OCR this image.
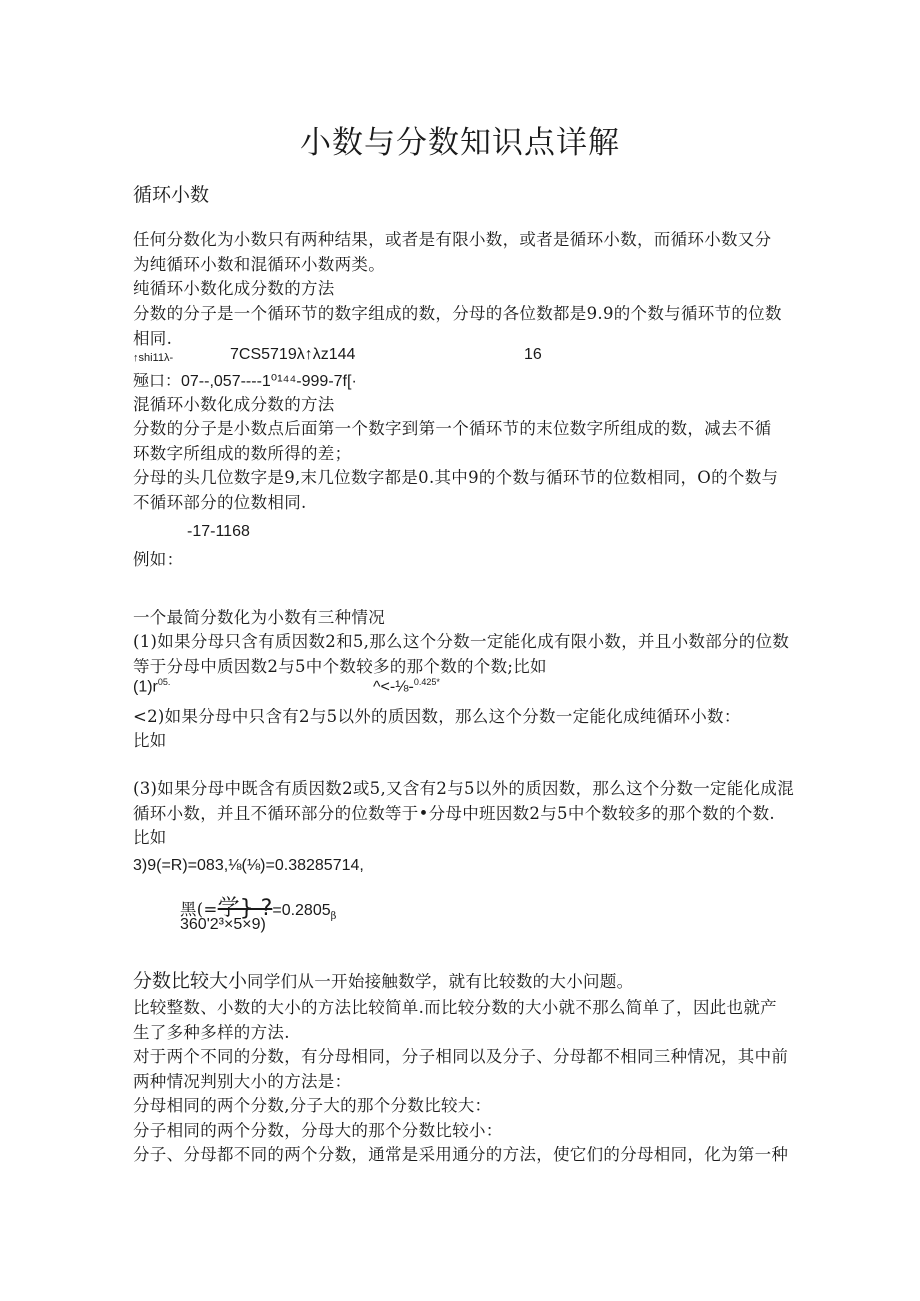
小数与分数知识点详解
循环小数
任何分数化为小数只有两种结果，或者是有限小数，或者是循环小数，而循环小数又分
为纯循环小数和混循环小数两类。
纯循环小数化成分数的方法
分数的分子是一个循环节的数字组成的数，分母的各位数都是9.9的个数与循环节的位数
相同.
↑shi11λ-	7CS5719λ↑λz144	16
殛口：07--,057----1⁰¹⁴⁴-999-7f[·
混循环小数化成分数的方法
分数的分子是小数点后面第一个数字到第一个循环节的末位数字所组成的数，减去不循
环数字所组成的数所得的差；
分母的头几位数字是9,末几位数字都是0.其中9的个数与循环节的位数相同，O的个数与
不循环部分的位数相同.
-17-1168
例如：
一个最简分数化为小数有三种情况
(1)如果分母只含有质因数2和5,那么这个分数一定能化成有限小数，并且小数部分的位数
等于分母中质因数2与5中个数较多的那个数的个数;比如
$(1)r^{05.}$	^<-⅛-$^{0.425*}$
<2)如果分母中只含有2与5以外的质因数，那么这个分数一定能化成纯循环小数：
比如
(3)如果分母中既含有质因数2或5,又含有2与5以外的质因数，那么这个分数一定能化成混
循环小数，并且不循环部分的位数等于•分母中班因数2与5中个数较多的那个数的个数.
比如
3)9(=R)=083,⅛(⅛)=0.38285714,
黑(=学} $?=0.2805_\beta$
360'2³×5×9)
分数比较大小同学们从一开始接触数学，就有比较数的大小问题。
比较整数、小数的大小的方法比较简单.而比较分数的大小就不那么简单了，因此也就产
生了多种多样的方法.
对于两个不同的分数，有分母相同，分子相同以及分子、分母都不相同三种情况，其中前
两种情况判别大小的方法是：
分母相同的两个分数,分子大的那个分数比较大：
分子相同的两个分数，分母大的那个分数比较小：
分子、分母都不同的两个分数，通常是采用通分的方法，使它们的分母相同，化为第一种
